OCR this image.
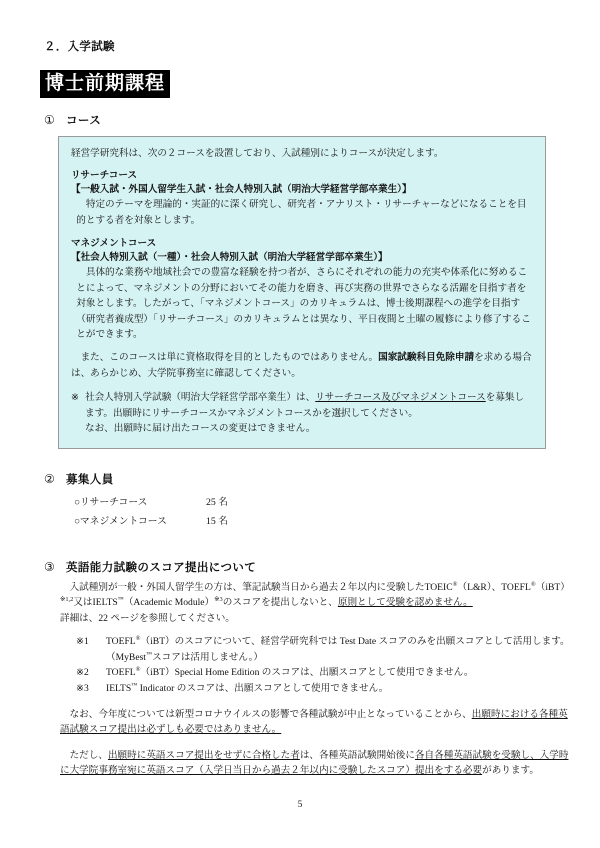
２．入学試験
博士前期課程
① コース

経営学研究科は、次の２コースを設置しており、入試種別によりコースが決定します。

リサーチコース

【一般入試・外国人留学生入試・社会人特別入試（明治大学経営学部卒業生）】

特定のテーマを理論的・実証的に深く研究し、研究者・アナリスト・リサーチャーなどになることを目的とする者を対象とします。

マネジメントコース

【社会人特別入試（一種）・社会人特別入試（明治大学経営学部卒業生）】

具体的な業務や地域社会での豊富な経験を持つ者が、さらにそれぞれの能力の充実や体系化に努めることによって、マネジメントの分野においてその能力を磨き、再び実務の世界でさらなる活躍を目指す者を対象とします。したがって、「マネジメントコース」のカリキュラムは、博士後期課程への進学を目指す（研究者養成型）「リサーチコース」のカリキュラムとは異なり、平日夜間と土曜の履修により修了することができます。

また、このコースは単に資格取得を目的としたものではありません。国家試験科目免除申請を求める場合は、あらかじめ、大学院事務室に確認してください。

※ 社会人特別入学試験（明治大学経営学部卒業生）は、リサーチコース及びマネジメントコースを募集します。出願時にリサーチコースかマネジメントコースかを選択してください。

なお、出願時に届け出たコースの変更はできません。

② 募集人員
○リサーチコース	25 名
○マネジメントコース	15 名
③ 英語能力試験のスコア提出について

入試種別が一般・外国人留学生の方は、筆記試験当日から過去２年以内に受験したTOEIC®（L&R）、TOEFL®（iBT）$^{※1,2}$又はIELTS™（Academic Module）$^{※3}$のスコアを提出しないと、原則として受験を認めません。

詳細は、22 ページを参照してください。

※1	TOEFL®（iBT）のスコアについて、経営学研究科では Test Date スコアのみを出願スコアとして活用します。（MyBest™スコアは活用しません。）
※2	TOEFL®（iBT）Special Home Edition のスコアは、出願スコアとして使用できません。
※3	IELTS™ Indicator のスコアは、出願スコアとして使用できません。

なお、今年度については新型コロナウイルスの影響で各種試験が中止となっていることから、出願時における各種英語試験スコア提出は必ずしも必要ではありません。

ただし、出願時に英語スコア提出をせずに合格した者は、各種英語試験開始後に各自各種英語試験を受験し、入学時に大学院事務室宛に英語スコア（入学日当日から過去２年以内に受験したスコア）提出をする必要があります。

5
